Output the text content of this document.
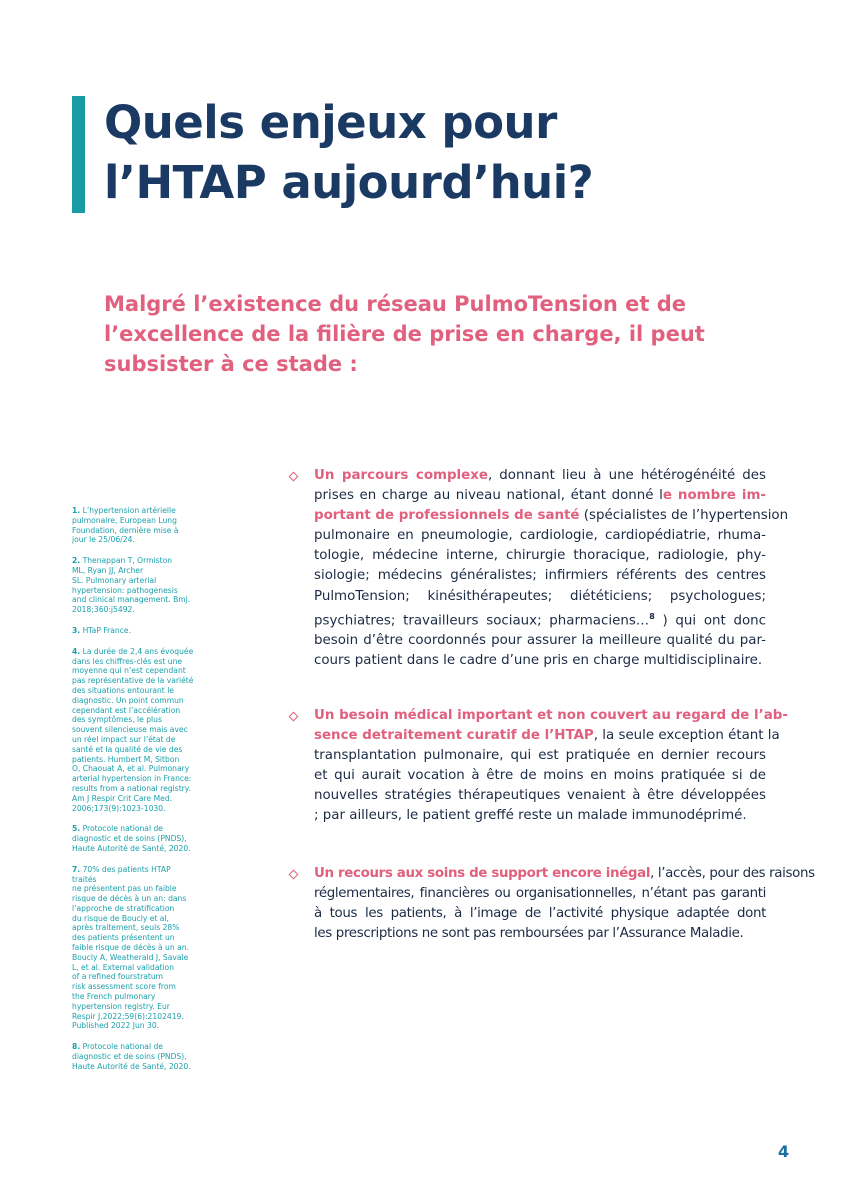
Quels enjeux pour
l’HTAP aujourd’hui?

Malgré l’existence du réseau PulmoTension et de
l’excellence de la filière de prise en charge, il peut
subsister à ce stade :

1. L’hypertension artérielle
pulmonaire, European Lung
Foundation, dernière mise à
jour le 25/06/24.
2. Thenappan T, Ormiston
ML, Ryan JJ, Archer
SL. Pulmonary arterial
hypertension: pathogenesis
and clinical management. Bmj.
2018;360:j5492.
3. HTaP France.
4. La durée de 2,4 ans évoquée
dans les chiffres-clés est une
moyenne qui n’est cependant
pas représentative de la variété
des situations entourant le
diagnostic. Un point commun
cependant est l’accélération
des symptômes, le plus
souvent silencieuse mais avec
un réel impact sur l’état de
santé et la qualité de vie des
patients. Humbert M, Sitbon
O, Chaouat A, et al. Pulmonary
arterial hypertension in France:
results from a national registry.
Am J Respir Crit Care Med.
2006;173(9):1023-1030.
5. Protocole national de
diagnostic et de soins (PNDS),
Haute Autorité de Santé, 2020.
7. 70% des patients HTAP
traités
ne présentent pas un faible
risque de décès à un an: dans
l’approche de stratification
du risque de Boucly et al,
après traitement, seuls 28%
des patients présentent un
faible risque de décès à un an.
Boucly A, Weatherald J, Savale
L, et al. External validation
of a refined fourstratum
risk assessment score from
the French pulmonary
hypertension registry. Eur
Respir J.2022;59(6):2102419.
Published 2022 Jun 30.
8. Protocole national de
diagnostic et de soins (PNDS),
Haute Autorité de Santé, 2020.
Un parcours complexe, donnant lieu à une hétérogénéité des
prises en charge au niveau national, étant donné le nombre im-
portant de professionnels de santé (spécialistes de l’hypertension
pulmonaire en pneumologie, cardiologie, cardiopédiatrie, rhuma-
tologie, médecine interne, chirurgie thoracique, radiologie, phy-
siologie; médecins généralistes; infirmiers référents des centres
PulmoTension; kinésithérapeutes; diététiciens; psychologues;
psychiatres; travailleurs sociaux; pharmaciens…$^8$ ) qui ont donc
besoin d’être coordonnés pour assurer la meilleure qualité du par-
cours patient dans le cadre d’une pris en charge multidisciplinaire.
Un besoin médical important et non couvert au regard de l’ab-
sence detraitement curatif de l’HTAP, la seule exception étant la
transplantation pulmonaire, qui est pratiquée en dernier recours
et qui aurait vocation à être de moins en moins pratiquée si de
nouvelles stratégies thérapeutiques venaient à être développées
; par ailleurs, le patient greffé reste un malade immunodéprimé.
Un recours aux soins de support encore inégal, l’accès, pour des raisons
réglementaires, financières ou organisationnelles, n’étant pas garanti
à tous les patients, à l’image de l’activité physique adaptée dont
les prescriptions ne sont pas remboursées par l’Assurance Maladie.
4
